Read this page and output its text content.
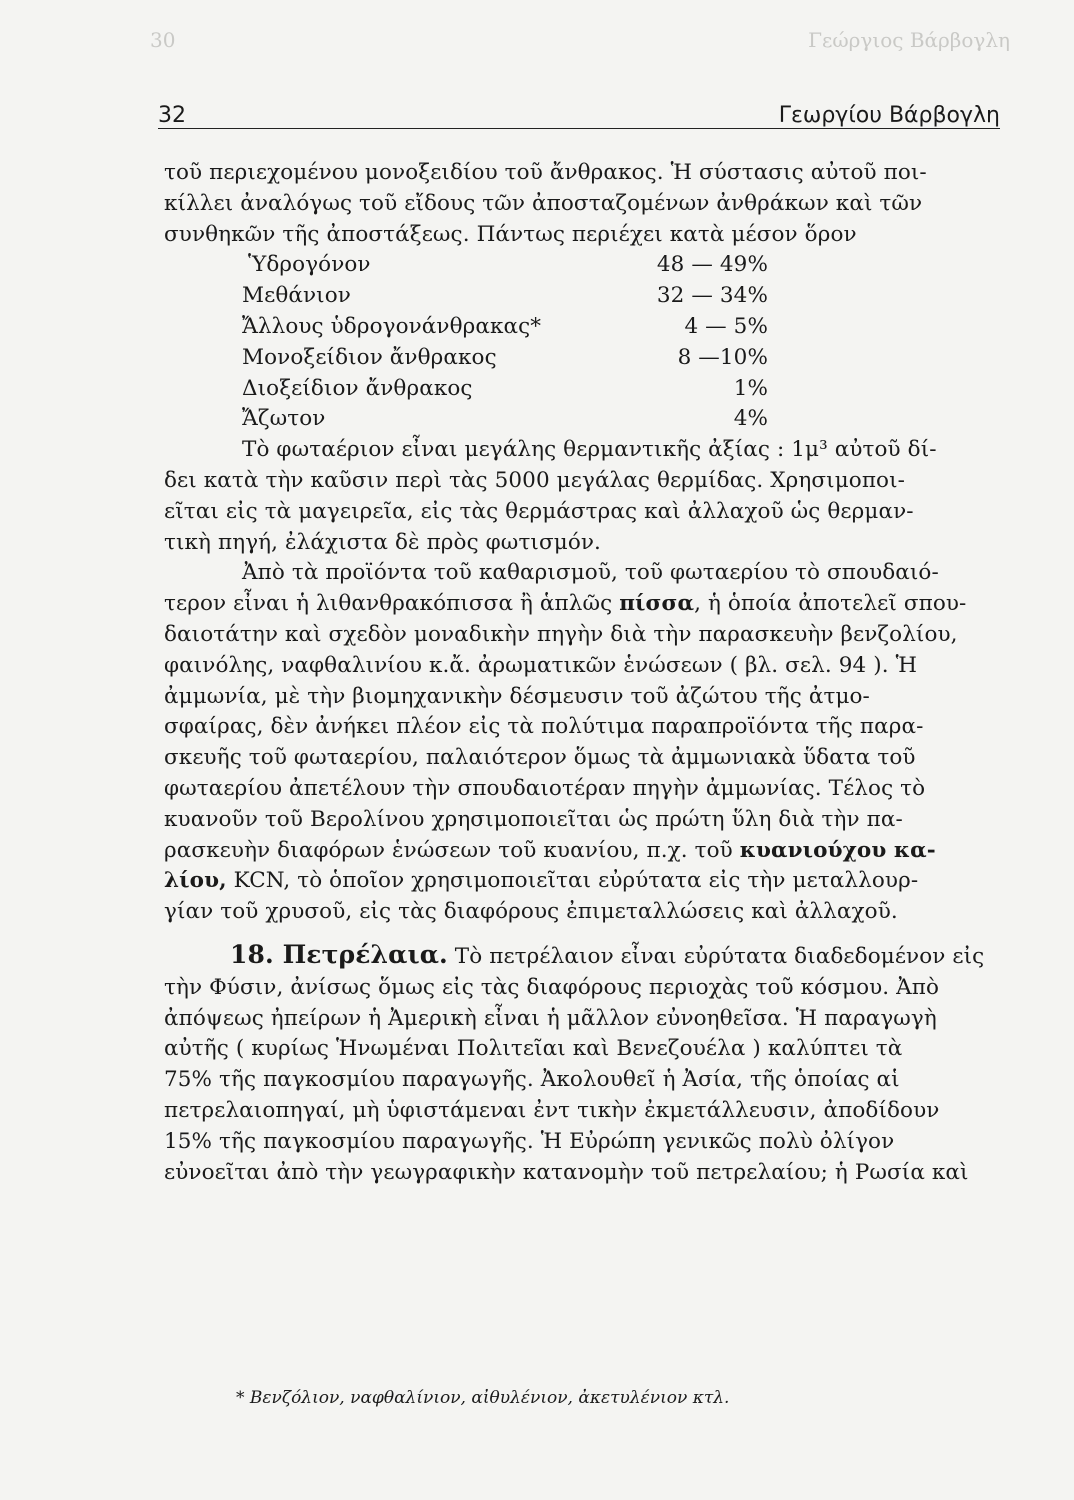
30	Γεώργιος Βάρβογλη
32	Γεωργίου Βάρβογλη
τοῦ περιεχομένου μονοξειδίου τοῦ ἄνθρακος. Ἡ σύστασις αὐτοῦ ποι-
κίλλει ἀναλόγως τοῦ εἴδους τῶν ἀποσταζομένων ἀνθράκων καὶ τῶν
συνθηκῶν τῆς ἀποστάξεως. Πάντως περιέχει κατὰ μέσον ὅρον
Ὑδρογόνον	48 — 49%
Μεθάνιον	32 — 34%
Ἄλλους ὑδρογονάνθρακας*	4 — 5%
Μονοξείδιον ἄνθρακος	8 —10%
Διοξείδιον ἄνθρακος	1%
Ἄζωτον	4%
Τὸ φωταέριον εἶναι μεγάλης θερμαντικῆς ἀξίας : 1μ³ αὐτοῦ δί-
δει κατὰ τὴν καῦσιν περὶ τὰς 5000 μεγάλας θερμίδας. Χρησιμοποι-
εῖται εἰς τὰ μαγειρεῖα, εἰς τὰς θερμάστρας καὶ ἀλλαχοῦ ὡς θερμαν-
τικὴ πηγή, ἐλάχιστα δὲ πρὸς φωτισμόν.
Ἀπὸ τὰ προϊόντα τοῦ καθαρισμοῦ, τοῦ φωταερίου τὸ σπουδαιό-
τερον εἶναι ἡ λιθανθρακόπισσα ἢ ἁπλῶς πίσσα, ἡ ὁποία ἀποτελεῖ σπου-
δαιοτάτην καὶ σχεδὸν μοναδικὴν πηγὴν διὰ τὴν παρασκευὴν βενζολίου,
φαινόλης, ναφθαλινίου κ.ἄ. ἀρωματικῶν ἑνώσεων ( βλ. σελ. 94 ). Ἡ
ἀμμωνία, μὲ τὴν βιομηχανικὴν δέσμευσιν τοῦ ἀζώτου τῆς ἀτμο-
σφαίρας, δὲν ἀνήκει πλέον εἰς τὰ πολύτιμα παραπροϊόντα τῆς παρα-
σκευῆς τοῦ φωταερίου, παλαιότερον ὅμως τὰ ἀμμωνιακὰ ὕδατα τοῦ
φωταερίου ἀπετέλουν τὴν σπουδαιοτέραν πηγὴν ἀμμωνίας. Τέλος τὸ
κυανοῦν τοῦ Βερολίνου χρησιμοποιεῖται ὡς πρώτη ὕλη διὰ τὴν πα-
ρασκευὴν διαφόρων ἑνώσεων τοῦ κυανίου, π.χ. τοῦ κυανιούχου κα-
λίου, KCN, τὸ ὁποῖον χρησιμοποιεῖται εὐρύτατα εἰς τὴν μεταλλουρ-
γίαν τοῦ χρυσοῦ, εἰς τὰς διαφόρους ἐπιμεταλλώσεις καὶ ἀλλαχοῦ.
18. Πετρέλαια. Τὸ πετρέλαιον εἶναι εὐρύτατα διαδεδομένον εἰς
τὴν Φύσιν, ἀνίσως ὅμως εἰς τὰς διαφόρους περιοχὰς τοῦ κόσμου. Ἀπὸ
ἀπόψεως ἠπείρων ἡ Ἀμερικὴ εἶναι ἡ μᾶλλον εὐνοηθεῖσα. Ἡ παραγωγὴ
αὐτῆς ( κυρίως Ἡνωμέναι Πολιτεῖαι καὶ Βενεζουέλα ) καλύπτει τὰ
75% τῆς παγκοσμίου παραγωγῆς. Ἀκολουθεῖ ἡ Ἀσία, τῆς ὁποίας αἱ
πετρελαιοπηγαί, μὴ ὑφιστάμεναι ἐντ τικὴν ἐκμετάλλευσιν, ἀποδίδουν
15% τῆς παγκοσμίου παραγωγῆς. Ἡ Εὐρώπη γενικῶς πολὺ ὀλίγον
εὐνοεῖται ἀπὸ τὴν γεωγραφικὴν κατανομὴν τοῦ πετρελαίου; ἡ Ρωσία καὶ
* Βενζόλιον, ναφθαλίνιον, αἰθυλένιον, ἀκετυλένιον κτλ.
